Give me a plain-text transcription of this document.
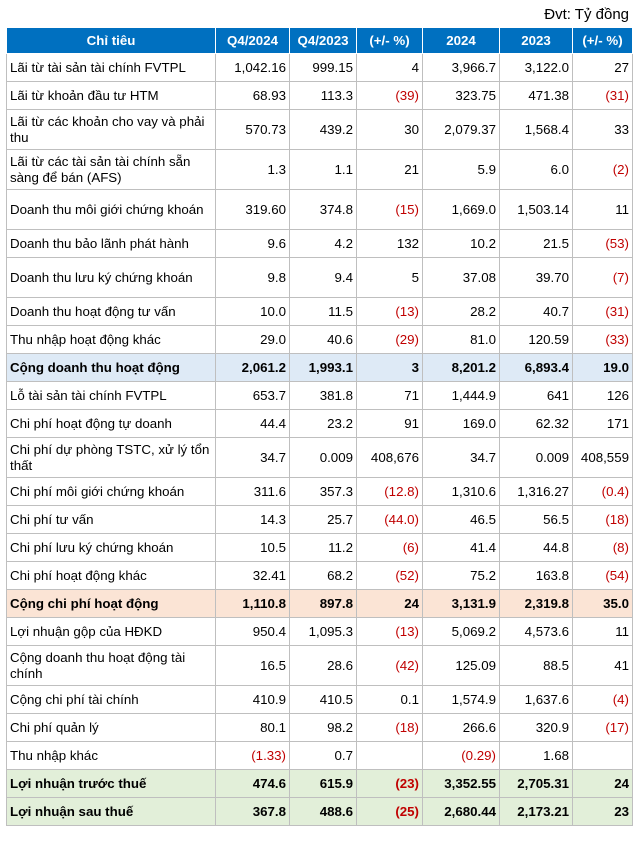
Đvt: Tỷ đồng
Chỉ tiêu	Q4/2024	Q4/2023	(+/- %)	2024	2023	(+/- %)
Lãi từ tài sản tài chính FVTPL	1,042.16	999.15	4	3,966.7	3,122.0	27
Lãi từ khoản đầu tư HTM	68.93	113.3	(39)	323.75	471.38	(31)
Lãi từ các khoản cho vay và phải thu	570.73	439.2	30	2,079.37	1,568.4	33
Lãi từ các tài sản tài chính sẵn sàng để bán (AFS)	1.3	1.1	21	5.9	6.0	(2)
Doanh thu môi giới chứng khoán	319.60	374.8	(15)	1,669.0	1,503.14	11
Doanh thu bảo lãnh phát hành	9.6	4.2	132	10.2	21.5	(53)
Doanh thu lưu ký chứng khoán	9.8	9.4	5	37.08	39.70	(7)
Doanh thu hoạt động tư vấn	10.0	11.5	(13)	28.2	40.7	(31)
Thu nhập hoạt động khác	29.0	40.6	(29)	81.0	120.59	(33)
Cộng doanh thu hoạt động	2,061.2	1,993.1	3	8,201.2	6,893.4	19.0
Lỗ tài sản tài chính FVTPL	653.7	381.8	71	1,444.9	641	126
Chi phí hoạt động tự doanh	44.4	23.2	91	169.0	62.32	171
Chi phí dự phòng TSTC, xử lý tổn thất	34.7	0.009	408,676	34.7	0.009	408,559
Chi phí môi giới chứng khoán	311.6	357.3	(12.8)	1,310.6	1,316.27	(0.4)
Chi phí tư vấn	14.3	25.7	(44.0)	46.5	56.5	(18)
Chi phí lưu ký chứng khoán	10.5	11.2	(6)	41.4	44.8	(8)
Chi phí hoạt động khác	32.41	68.2	(52)	75.2	163.8	(54)
Cộng chi phí hoạt động	1,110.8	897.8	24	3,131.9	2,319.8	35.0
Lợi nhuận gộp của HĐKD	950.4	1,095.3	(13)	5,069.2	4,573.6	11
Cộng doanh thu hoạt động tài chính	16.5	28.6	(42)	125.09	88.5	41
Cộng chi phí tài chính	410.9	410.5	0.1	1,574.9	1,637.6	(4)
Chi phí quản lý	80.1	98.2	(18)	266.6	320.9	(17)
Thu nhập khác	(1.33)	0.7		(0.29)	1.68	
Lợi nhuận trước thuế	474.6	615.9	(23)	3,352.55	2,705.31	24
Lợi nhuận sau thuế	367.8	488.6	(25)	2,680.44	2,173.21	23
